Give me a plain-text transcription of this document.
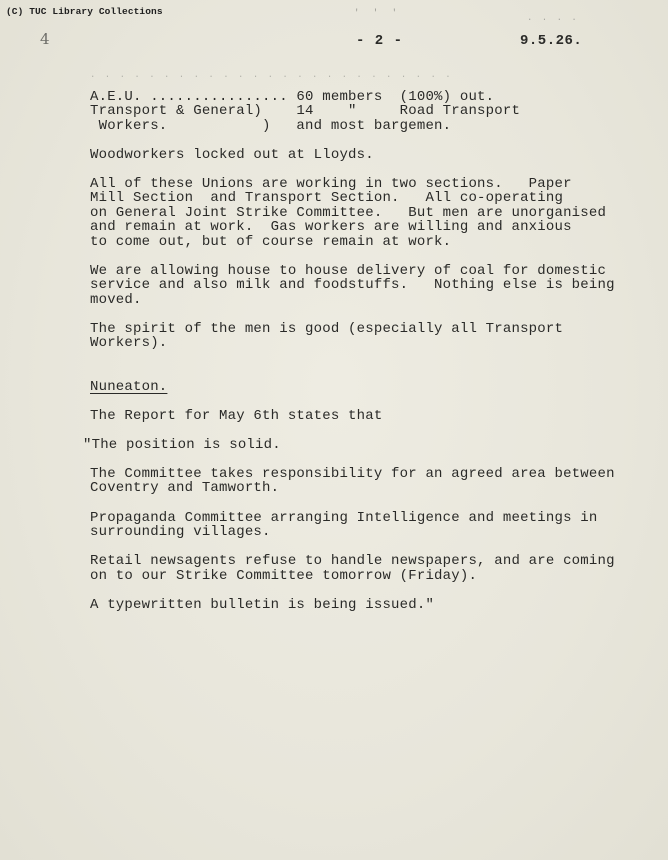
(C) TUC Library Collections
4
' ' '	. . . .
- 2 -	9.5.26.
. . . . . . . . . . . . . . . . . . . . . . . . .
A.E.U. ................ 60 members  (100%) out.
Transport & General)    14    "     Road Transport
Workers.           )   and most bargemen.
Woodworkers locked out at Lloyds.
All of these Unions are working in two sections.   Paper
Mill Section  and Transport Section.   All co-operating
on General Joint Strike Committee.   But men are unorganised
and remain at work.  Gas workers are willing and anxious
to come out, but of course remain at work.
We are allowing house to house delivery of coal for domestic
service and also milk and foodstuffs.   Nothing else is being
moved.
The spirit of the men is good (especially all Transport
Workers).
Nuneaton.
The Report for May 6th states that
"The position is solid.
The Committee takes responsibility for an agreed area between
Coventry and Tamworth.
Propaganda Committee arranging Intelligence and meetings in
surrounding villages.
Retail newsagents refuse to handle newspapers, and are coming
on to our Strike Committee tomorrow (Friday).
A typewritten bulletin is being issued."
